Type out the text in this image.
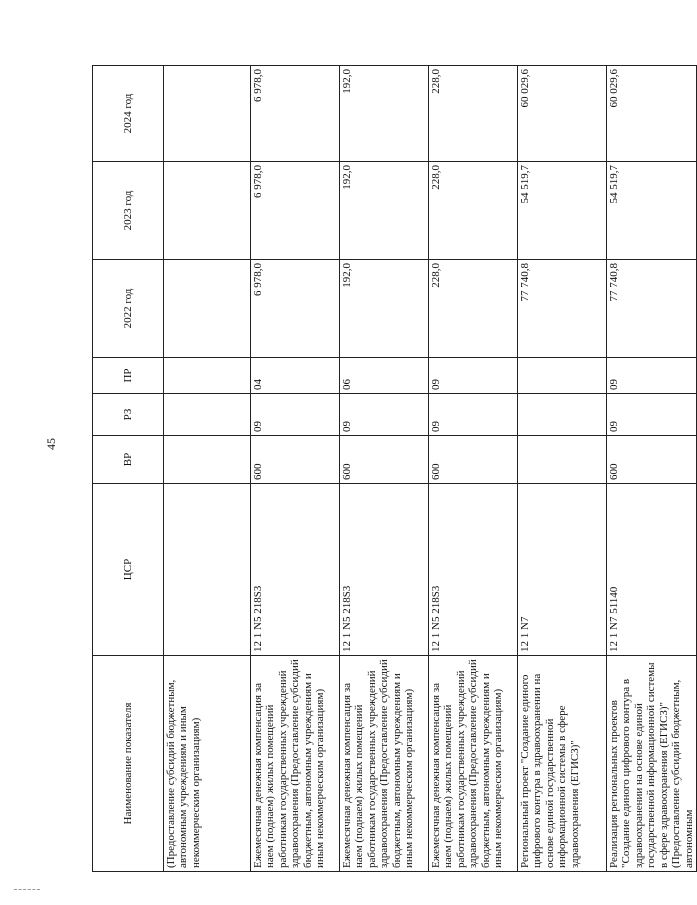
45
Наименование показателя	ЦСР	ВР	РЗ	ПР	2022 год	2023 год	2024 год
(Предоставление субсидий бюджетным, автономным учреждениям и иным некоммерческим организациям)							
Ежемесячная денежная компенсация за наем (поднаем) жилых помещений работникам государственных учреждений здравоохранения (Предоставление субсидий бюджетным, автономным учреждениям и иным некоммерческим организациям)	12 1 N5 218S3	600	09	04	6 978,0	6 978,0	6 978,0
Ежемесячная денежная компенсация за наем (поднаем) жилых помещений работникам государственных учреждений здравоохранения (Предоставление субсидий бюджетным, автономным учреждениям и иным некоммерческим организациям)	12 1 N5 218S3	600	09	06	192,0	192,0	192,0
Ежемесячная денежная компенсация за наем (поднаем) жилых помещений работникам государственных учреждений здравоохранения (Предоставление субсидий бюджетным, автономным учреждениям и иным некоммерческим организациям)	12 1 N5 218S3	600	09	09	228,0	228,0	228,0
Региональный проект "Создание единого цифрового контура в здравоохранении на основе единой государственной информационной системы в сфере здравоохранения (ЕГИСЗ)"	12 1 N7				77 740,8	54 519,7	60 029,6
Реализация региональных проектов "Создание единого цифрового контура в здравоохранении на основе единой государственной информационной системы в сфере здравоохранения (ЕГИСЗ)" (Предоставление субсидий бюджетным, автономным	12 1 N7 51140	600	09	09	77 740,8	54 519,7	60 029,6
